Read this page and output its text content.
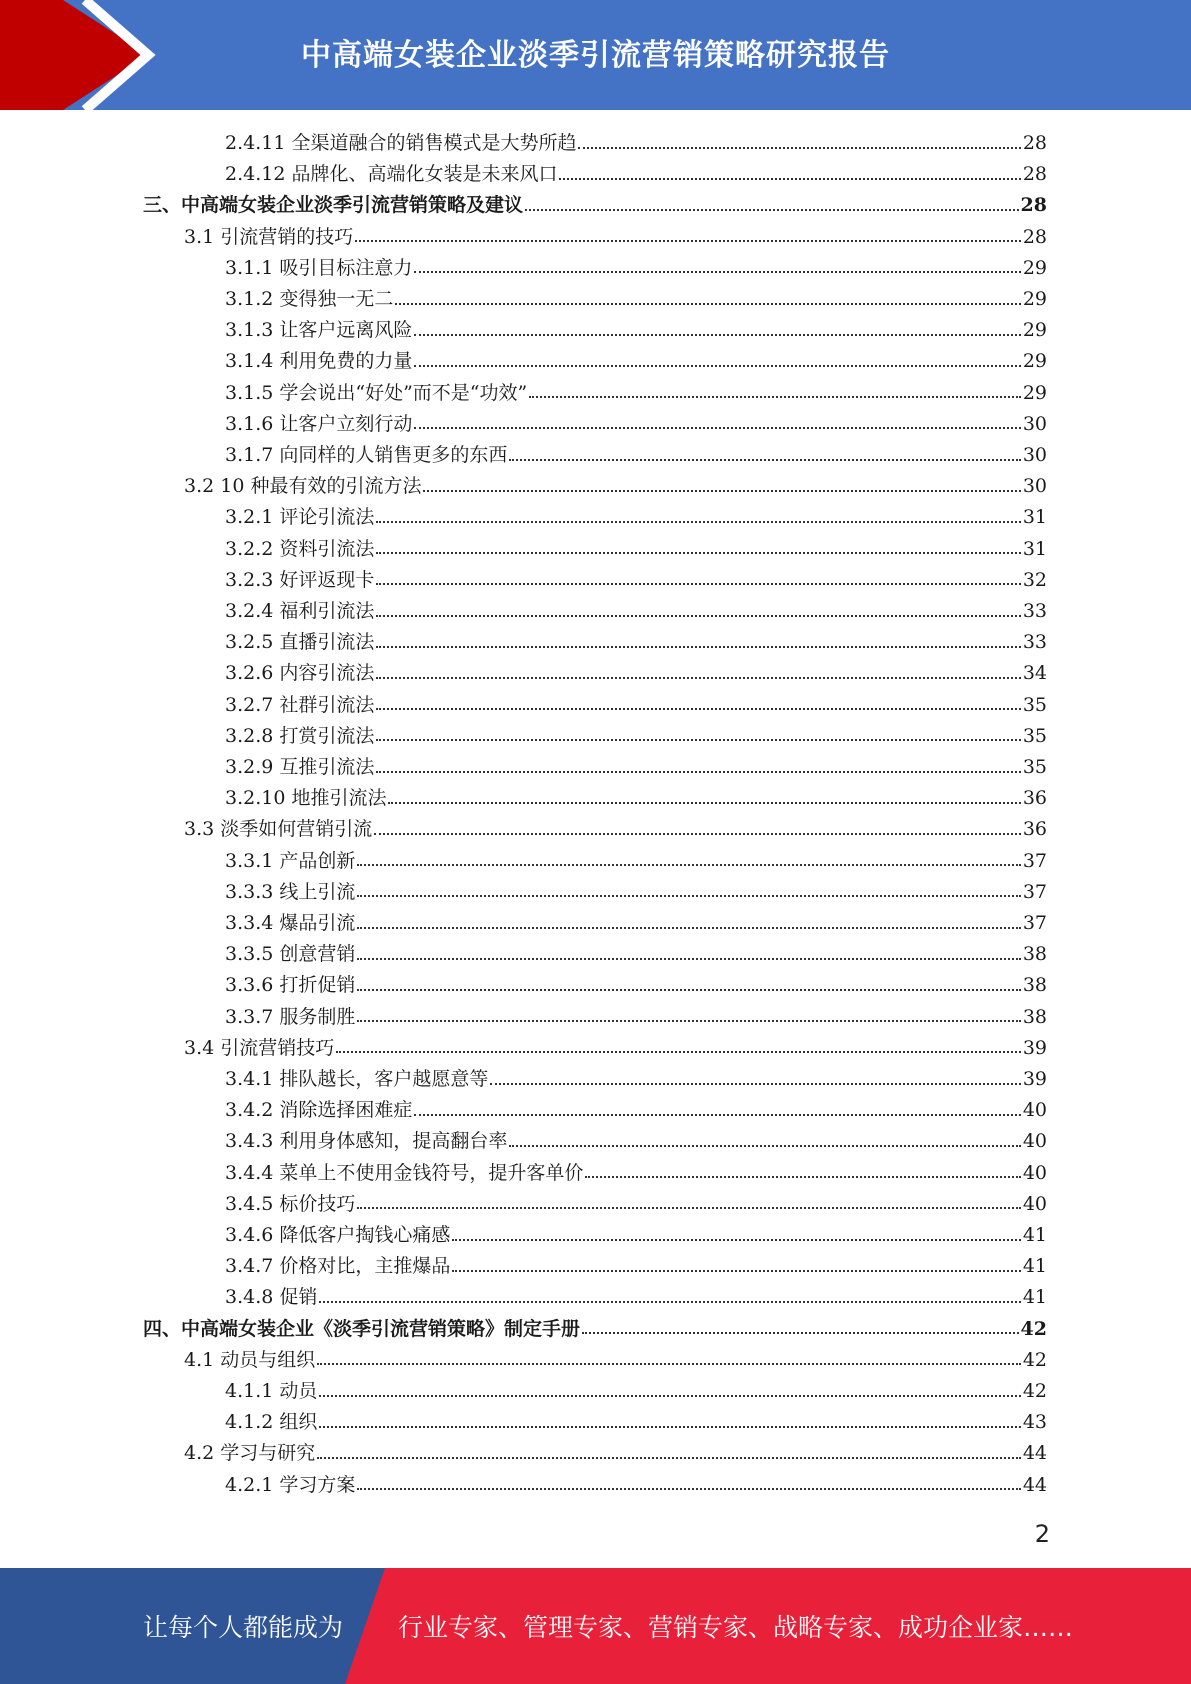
中高端女装企业淡季引流营销策略研究报告
2.4.11 全渠道融合的销售模式是大势所趋	28
2.4.12 品牌化、高端化女装是未来风口	28
三、中高端女装企业淡季引流营销策略及建议	28
3.1 引流营销的技巧	28
3.1.1 吸引目标注意力	29
3.1.2 变得独一无二	29
3.1.3 让客户远离风险	29
3.1.4 利用免费的力量	29
3.1.5 学会说出“好处”而不是“功效”	29
3.1.6 让客户立刻行动	30
3.1.7 向同样的人销售更多的东西	30
3.2 10 种最有效的引流方法	30
3.2.1 评论引流法	31
3.2.2 资料引流法	31
3.2.3 好评返现卡	32
3.2.4 福利引流法	33
3.2.5 直播引流法	33
3.2.6 内容引流法	34
3.2.7 社群引流法	35
3.2.8 打赏引流法	35
3.2.9 互推引流法	35
3.2.10 地推引流法	36
3.3 淡季如何营销引流	36
3.3.1 产品创新	37
3.3.3 线上引流	37
3.3.4 爆品引流	37
3.3.5 创意营销	38
3.3.6 打折促销	38
3.3.7 服务制胜	38
3.4 引流营销技巧	39
3.4.1 排队越长，客户越愿意等	39
3.4.2 消除选择困难症	40
3.4.3 利用身体感知，提高翻台率	40
3.4.4 菜单上不使用金钱符号，提升客单价	40
3.4.5 标价技巧	40
3.4.6 降低客户掏钱心痛感	41
3.4.7 价格对比，主推爆品	41
3.4.8 促销	41
四、中高端女装企业《淡季引流营销策略》制定手册	42
4.1 动员与组织	42
4.1.1 动员	42
4.1.2 组织	43
4.2 学习与研究	44
4.2.1 学习方案	44
2
让每个人都能成为 行业专家、管理专家、营销专家、战略专家、成功企业家……
